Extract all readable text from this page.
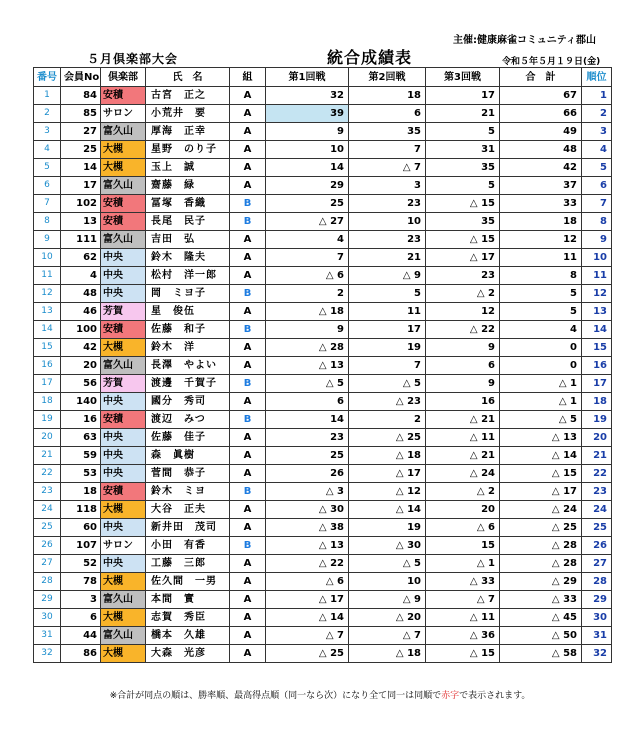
主催:健康麻雀コミュニティ郡山
５月倶楽部大会	統合成績表	令和５年５月１９日(金)
番号	会員No	倶楽部	氏　名	組	第1回戦	第2回戦	第3回戦	合　計	順位
1	84	安積	古宮　正之	A	32	18	17	67	1
2	85	サロン	小荒井　要	A	39	6	21	66	2
3	27	富久山	厚海　正幸	A	9	35	5	49	3
4	25	大槻	星野　のり子	A	10	7	31	48	4
5	14	大槻	玉上　誠	A	14	△ 7	35	42	5
6	17	富久山	齋藤　緑	A	29	3	5	37	6
7	102	安積	冨塚　香織	B	25	23	△ 15	33	7
8	13	安積	長尾　民子	B	△ 27	10	35	18	8
9	111	富久山	吉田　弘	A	4	23	△ 15	12	9
10	62	中央	鈴木　隆夫	A	7	21	△ 17	11	10
11	4	中央	松村　洋一郎	A	△ 6	△ 9	23	8	11
12	48	中央	岡　ミヨ子	B	2	5	△ 2	5	12
13	46	芳賀	星　俊伍	A	△ 18	11	12	5	13
14	100	安積	佐藤　和子	B	9	17	△ 22	4	14
15	42	大槻	鈴木　洋	A	△ 28	19	9	0	15
16	20	富久山	長澤　やよい	A	△ 13	7	6	0	16
17	56	芳賀	渡邊　千賀子	B	△ 5	△ 5	9	△ 1	17
18	140	中央	國分　秀司	A	6	△ 23	16	△ 1	18
19	16	安積	渡辺　みつ	B	14	2	△ 21	△ 5	19
20	63	中央	佐藤　佳子	A	23	△ 25	△ 11	△ 13	20
21	59	中央	森　眞樹	A	25	△ 18	△ 21	△ 14	21
22	53	中央	菅間　恭子	A	26	△ 17	△ 24	△ 15	22
23	18	安積	鈴木　ミヨ	B	△ 3	△ 12	△ 2	△ 17	23
24	118	大槻	大谷　正夫	A	△ 30	△ 14	20	△ 24	24
25	60	中央	新井田　茂司	A	△ 38	19	△ 6	△ 25	25
26	107	サロン	小田　有香	B	△ 13	△ 30	15	△ 28	26
27	52	中央	工藤　三郎	A	△ 22	△ 5	△ 1	△ 28	27
28	78	大槻	佐久間　一男	A	△ 6	10	△ 33	△ 29	28
29	3	富久山	本間　實	A	△ 17	△ 9	△ 7	△ 33	29
30	6	大槻	志賀　秀臣	A	△ 14	△ 20	△ 11	△ 45	30
31	44	富久山	橋本　久雄	A	△ 7	△ 7	△ 36	△ 50	31
32	86	大槻	大森　光彦	A	△ 25	△ 18	△ 15	△ 58	32
※合計が同点の順は、勝率順、最高得点順（同一なら次）になり全て同一は同順で赤字で表示されます。
